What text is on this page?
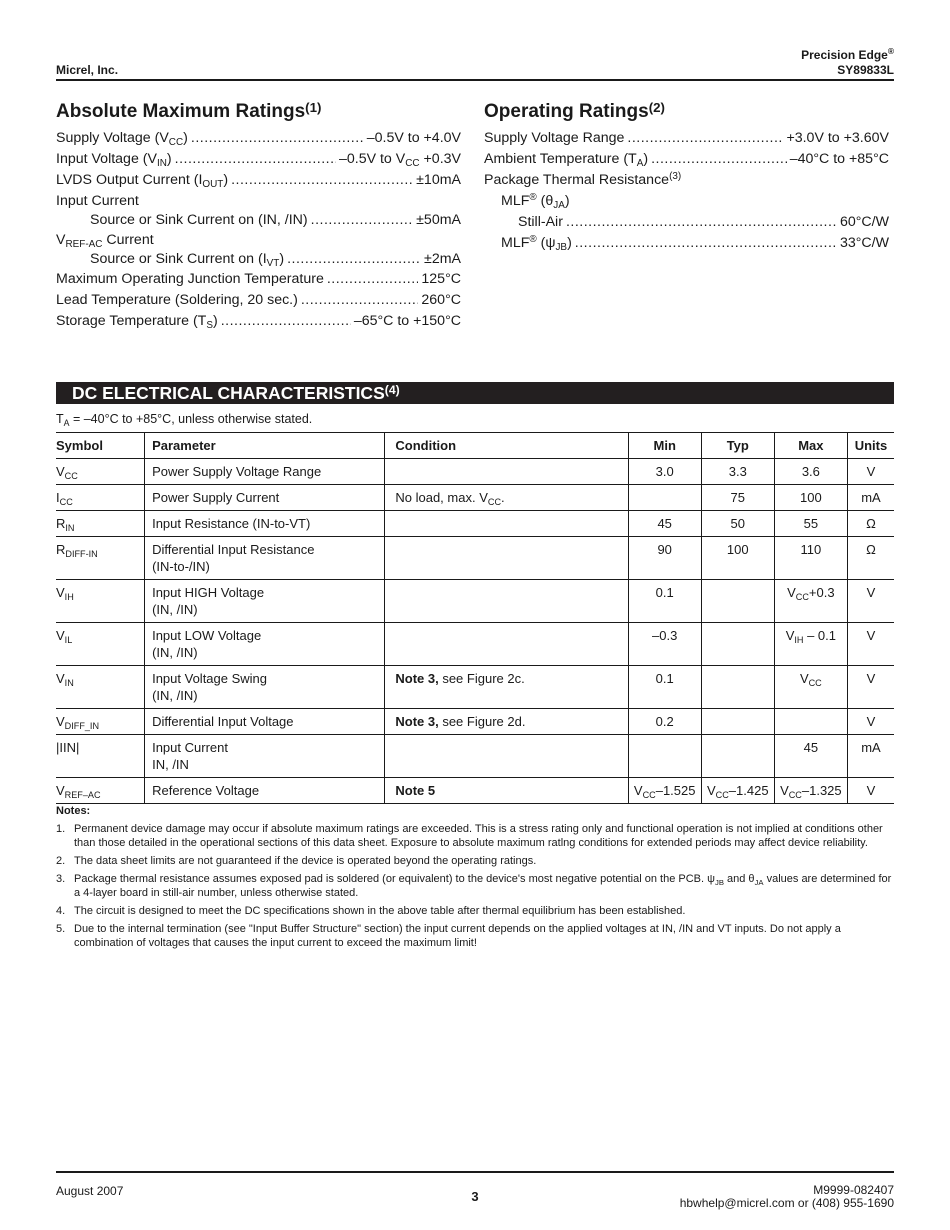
Micrel, Inc.
Precision Edge®
SY89833L
Absolute Maximum Ratings$^{(1)}$
Supply Voltage $(V_{CC})$ .....	–0.5V to +4.0V
Input Voltage $(V_{IN})$ .....	–0.5V to $V_{CC} +0.3V$
LVDS Output Current $(I_{OUT})$ .....	±10mA
Input Current
Source or Sink Current on (IN, /IN) .....	±50mA
$V_{REF-AC}$ Current
Source or Sink Current on $(I_{VT})$ .....	±2mA
Maximum Operating Junction Temperature .....	125°C
Lead Temperature (Soldering, 20 sec.) .....	260°C
Storage Temperature $(T_S)$ .....	–65°C to +150°C
Operating Ratings$^{(2)}$
Supply Voltage Range .....	+3.0V to +3.60V
Ambient Temperature $(T_A)$ .....	–40°C to +85°C
Package Thermal Resistance$^{(3)}$
MLF® $(\theta_{JA})$
Still-Air .....	60°C/W
MLF® $(\psi_{JB})$ .....	33°C/W
DC ELECTRICAL CHARACTERISTICS$^{(4)}$
$T_A = -40^\circ C$ to +85°C, unless otherwise stated.
Symbol	Parameter	Condition	Min	Typ	Max	Units
$V_{CC}$	Power Supply Voltage Range		3.0	3.3	3.6	V
$I_{CC}$	Power Supply Current	No load, max. $V_{CC}$.		75	100	mA
$R_{IN}$	Input Resistance (IN-to-VT)		45	50	55	Ω
$R_{DIFF-IN}$	Differential Input Resistance
(IN-to-/IN)		90	100	110	Ω
$V_{IH}$	Input HIGH Voltage
(IN, /IN)		0.1		$V_{CC}+0.3$	V
$V_{IL}$	Input LOW Voltage
(IN, /IN)		–0.3		$V_{IH} - 0.1$	V
$V_{IN}$	Input Voltage Swing
(IN, /IN)	Note 3, see Figure 2c.	0.1		$V_{CC}$	V
$V_{DIFF\_IN}$	Differential Input Voltage	Note 3, see Figure 2d.	0.2			V
|IIN|	Input Current
IN, /IN				45	mA
$V_{REF-AC}$	Reference Voltage	Note 5	$V_{CC}-1.525$	$V_{CC}-1.425$	$V_{CC}-1.325$	V
Notes:
1. Permanent device damage may occur if absolute maximum ratings are exceeded. This is a stress rating only and functional operation is not implied at conditions other than those detailed in the operational sections of this data sheet. Exposure to absolute maximum ratlng conditions for extended periods may affect device reliability.
2. The data sheet limits are not guaranteed if the device is operated beyond the operating ratings.
3. Package thermal resistance assumes exposed pad is soldered (or equivalent) to the device's most negative potential on the PCB. $\psi_{JB}$ and $\theta_{JA}$ values are determined for a 4-layer board in still-air number, unless otherwise stated.
4. The circuit is designed to meet the DC specifications shown in the above table after thermal equilibrium has been established.
5. Due to the internal termination (see "Input Buffer Structure" section) the input current depends on the applied voltages at IN, /IN and VT inputs. Do not apply a combination of voltages that causes the input current to exceed the maximum limit!
August 2007	3	M9999-082407
hbwhelp@micrel.com or (408) 955-1690
